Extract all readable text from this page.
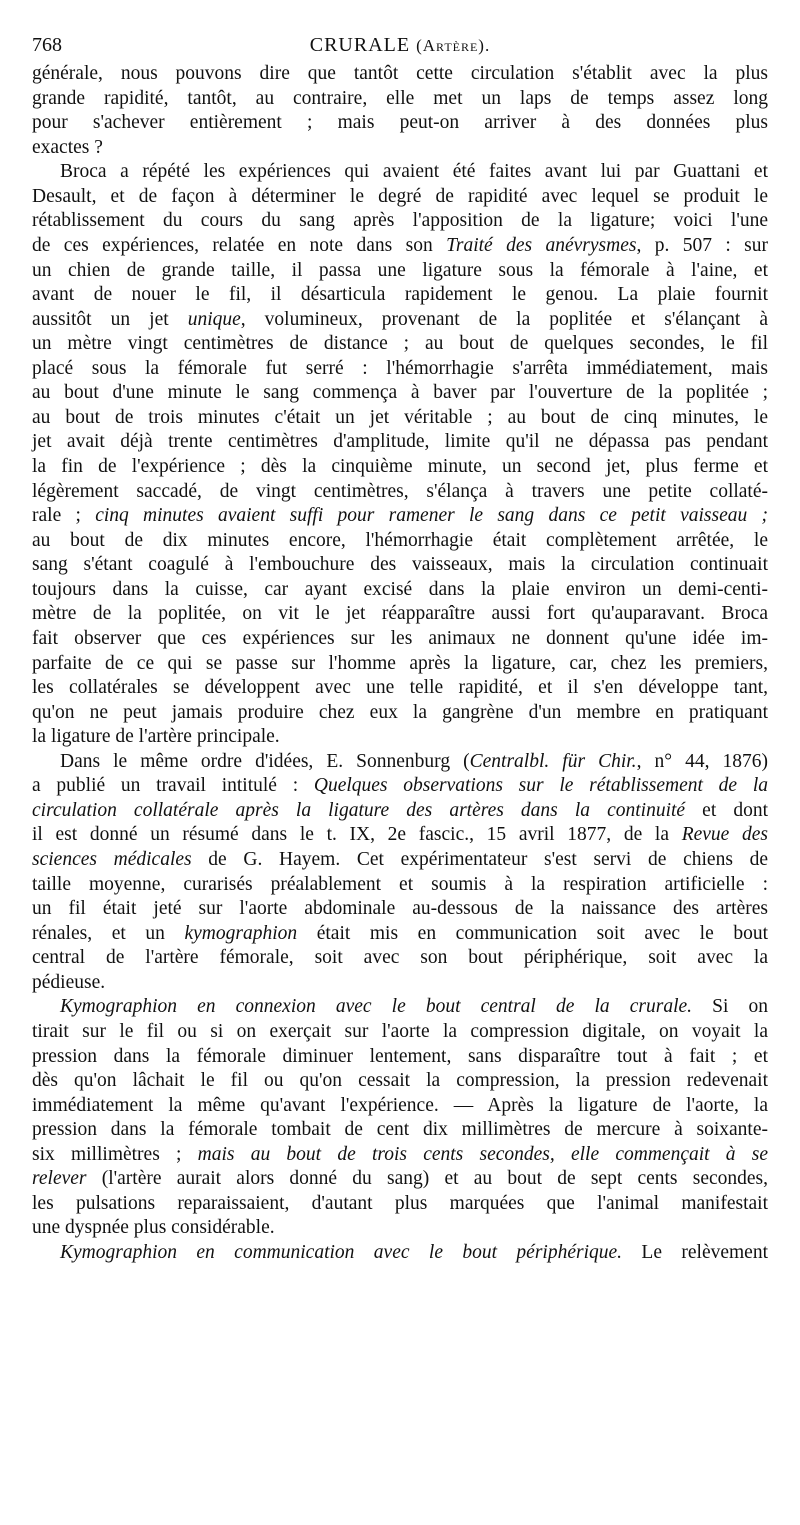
768	CRURALE (Artère).
générale, nous pouvons dire que tantôt cette circulation s'établit avec la plus
grande rapidité, tantôt, au contraire, elle met un laps de temps assez long
pour s'achever entièrement ; mais peut-on arriver à des données plus
exactes ?
Broca a répété les expériences qui avaient été faites avant lui par Guattani et
Desault, et de façon à déterminer le degré de rapidité avec lequel se produit le
rétablissement du cours du sang après l'apposition de la ligature; voici l'une
de ces expériences, relatée en note dans son Traité des anévrysmes, p. 507 : sur
un chien de grande taille, il passa une ligature sous la fémorale à l'aine, et
avant de nouer le fil, il désarticula rapidement le genou. La plaie fournit
aussitôt un jet unique, volumineux, provenant de la poplitée et s'élançant à
un mètre vingt centimètres de distance ; au bout de quelques secondes, le fil
placé sous la fémorale fut serré : l'hémorrhagie s'arrêta immédiatement, mais
au bout d'une minute le sang commença à baver par l'ouverture de la poplitée ;
au bout de trois minutes c'était un jet véritable ; au bout de cinq minutes, le
jet avait déjà trente centimètres d'amplitude, limite qu'il ne dépassa pas pendant
la fin de l'expérience ; dès la cinquième minute, un second jet, plus ferme et
légèrement saccadé, de vingt centimètres, s'élança à travers une petite collaté-
rale ; cinq minutes avaient suffi pour ramener le sang dans ce petit vaisseau ;
au bout de dix minutes encore, l'hémorrhagie était complètement arrêtée, le
sang s'étant coagulé à l'embouchure des vaisseaux, mais la circulation continuait
toujours dans la cuisse, car ayant excisé dans la plaie environ un demi-centi-
mètre de la poplitée, on vit le jet réapparaître aussi fort qu'auparavant. Broca
fait observer que ces expériences sur les animaux ne donnent qu'une idée im-
parfaite de ce qui se passe sur l'homme après la ligature, car, chez les premiers,
les collatérales se développent avec une telle rapidité, et il s'en développe tant,
qu'on ne peut jamais produire chez eux la gangrène d'un membre en pratiquant
la ligature de l'artère principale.
Dans le même ordre d'idées, E. Sonnenburg (Centralbl. für Chir., n° 44, 1876)
a publié un travail intitulé : Quelques observations sur le rétablissement de la
circulation collatérale après la ligature des artères dans la continuité et dont
il est donné un résumé dans le t. IX, 2e fascic., 15 avril 1877, de la Revue des
sciences médicales de G. Hayem. Cet expérimentateur s'est servi de chiens de
taille moyenne, curarisés préalablement et soumis à la respiration artificielle :
un fil était jeté sur l'aorte abdominale au-dessous de la naissance des artères
rénales, et un kymographion était mis en communication soit avec le bout
central de l'artère fémorale, soit avec son bout périphérique, soit avec la
pédieuse.
Kymographion en connexion avec le bout central de la crurale. Si on
tirait sur le fil ou si on exerçait sur l'aorte la compression digitale, on voyait la
pression dans la fémorale diminuer lentement, sans disparaître tout à fait ; et
dès qu'on lâchait le fil ou qu'on cessait la compression, la pression redevenait
immédiatement la même qu'avant l'expérience. — Après la ligature de l'aorte, la
pression dans la fémorale tombait de cent dix millimètres de mercure à soixante-
six millimètres ; mais au bout de trois cents secondes, elle commençait à se
relever (l'artère aurait alors donné du sang) et au bout de sept cents secondes,
les pulsations reparaissaient, d'autant plus marquées que l'animal manifestait
une dyspnée plus considérable.
Kymographion en communication avec le bout périphérique. Le relèvement
